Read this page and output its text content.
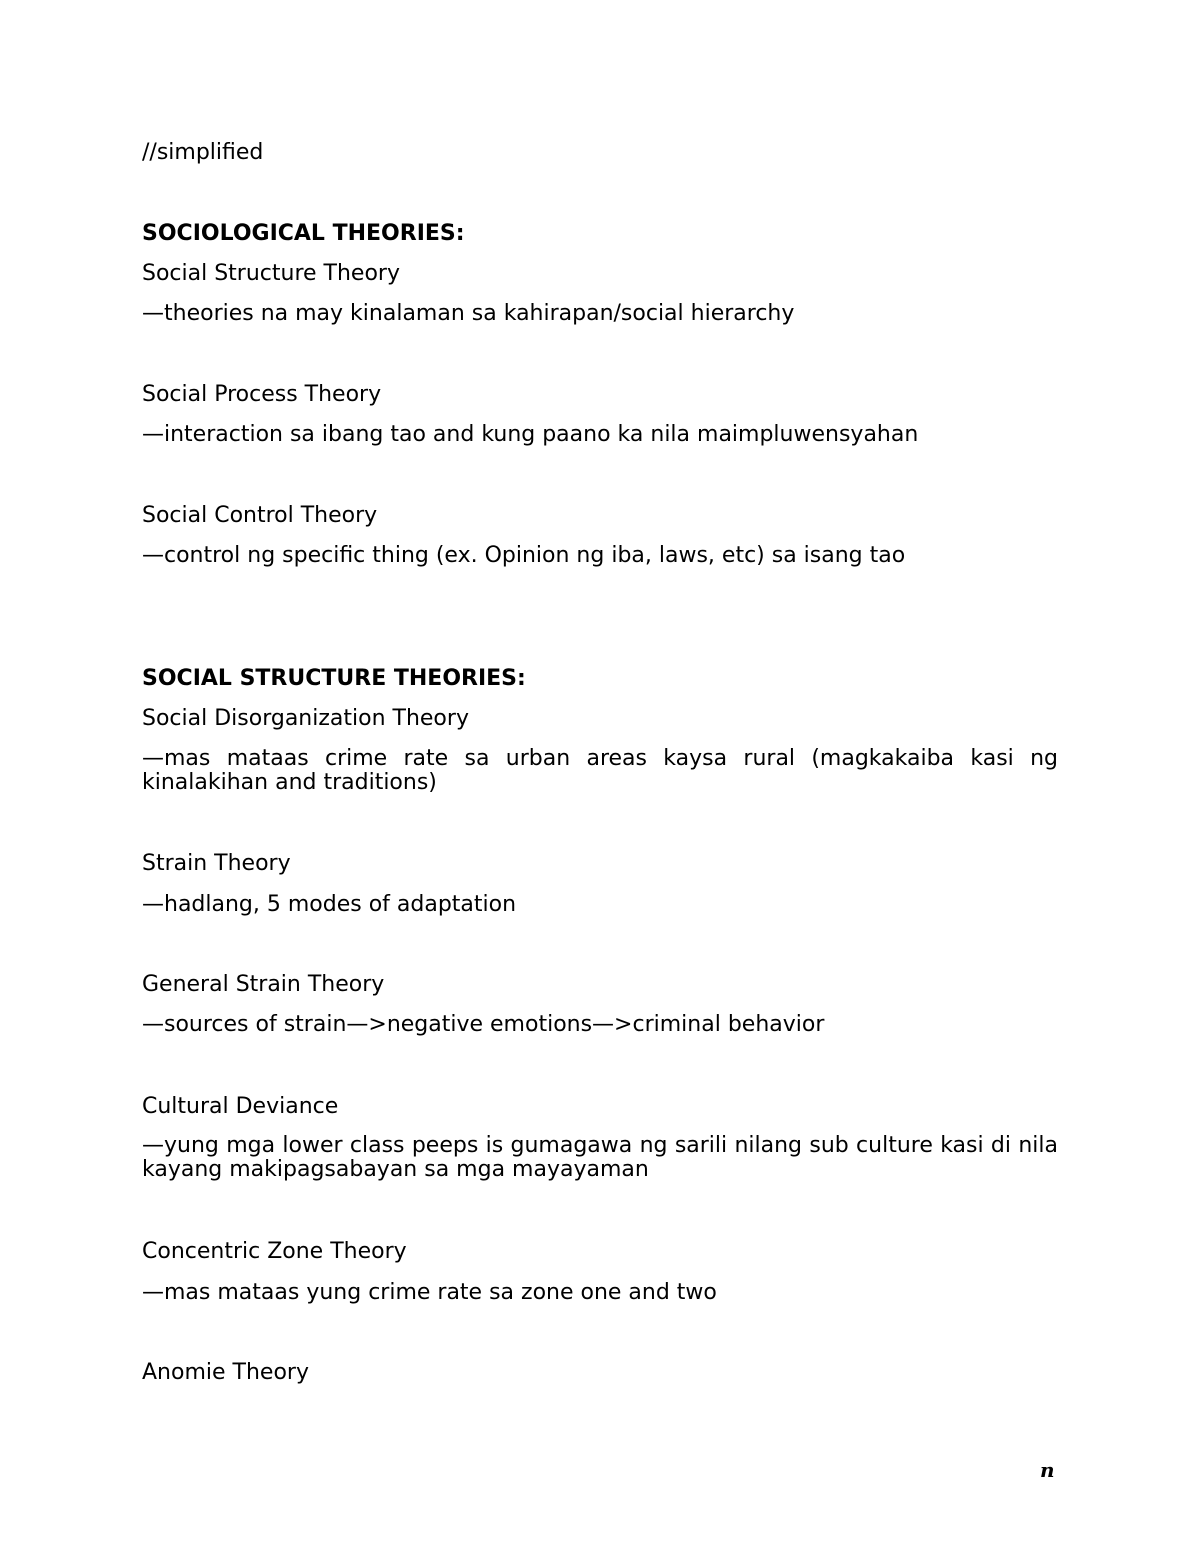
//simplified
SOCIOLOGICAL THEORIES:
Social Structure Theory
—theories na may kinalaman sa kahirapan/social hierarchy
Social Process Theory
—interaction sa ibang tao and kung paano ka nila maimpluwensyahan
Social Control Theory
—control ng specific thing (ex. Opinion ng iba, laws, etc) sa isang tao
SOCIAL STRUCTURE THEORIES:
Social Disorganization Theory
—mas mataas crime rate sa urban areas kaysa rural (magkakaiba kasi ng kinalakihan and traditions)
Strain Theory
—hadlang, 5 modes of adaptation
General Strain Theory
—sources of strain—>negative emotions—>criminal behavior
Cultural Deviance
—yung mga lower class peeps is gumagawa ng sarili nilang sub culture kasi di nila kayang makipagsabayan sa mga mayayaman
Concentric Zone Theory
—mas mataas yung crime rate sa zone one and two
Anomie Theory
n
